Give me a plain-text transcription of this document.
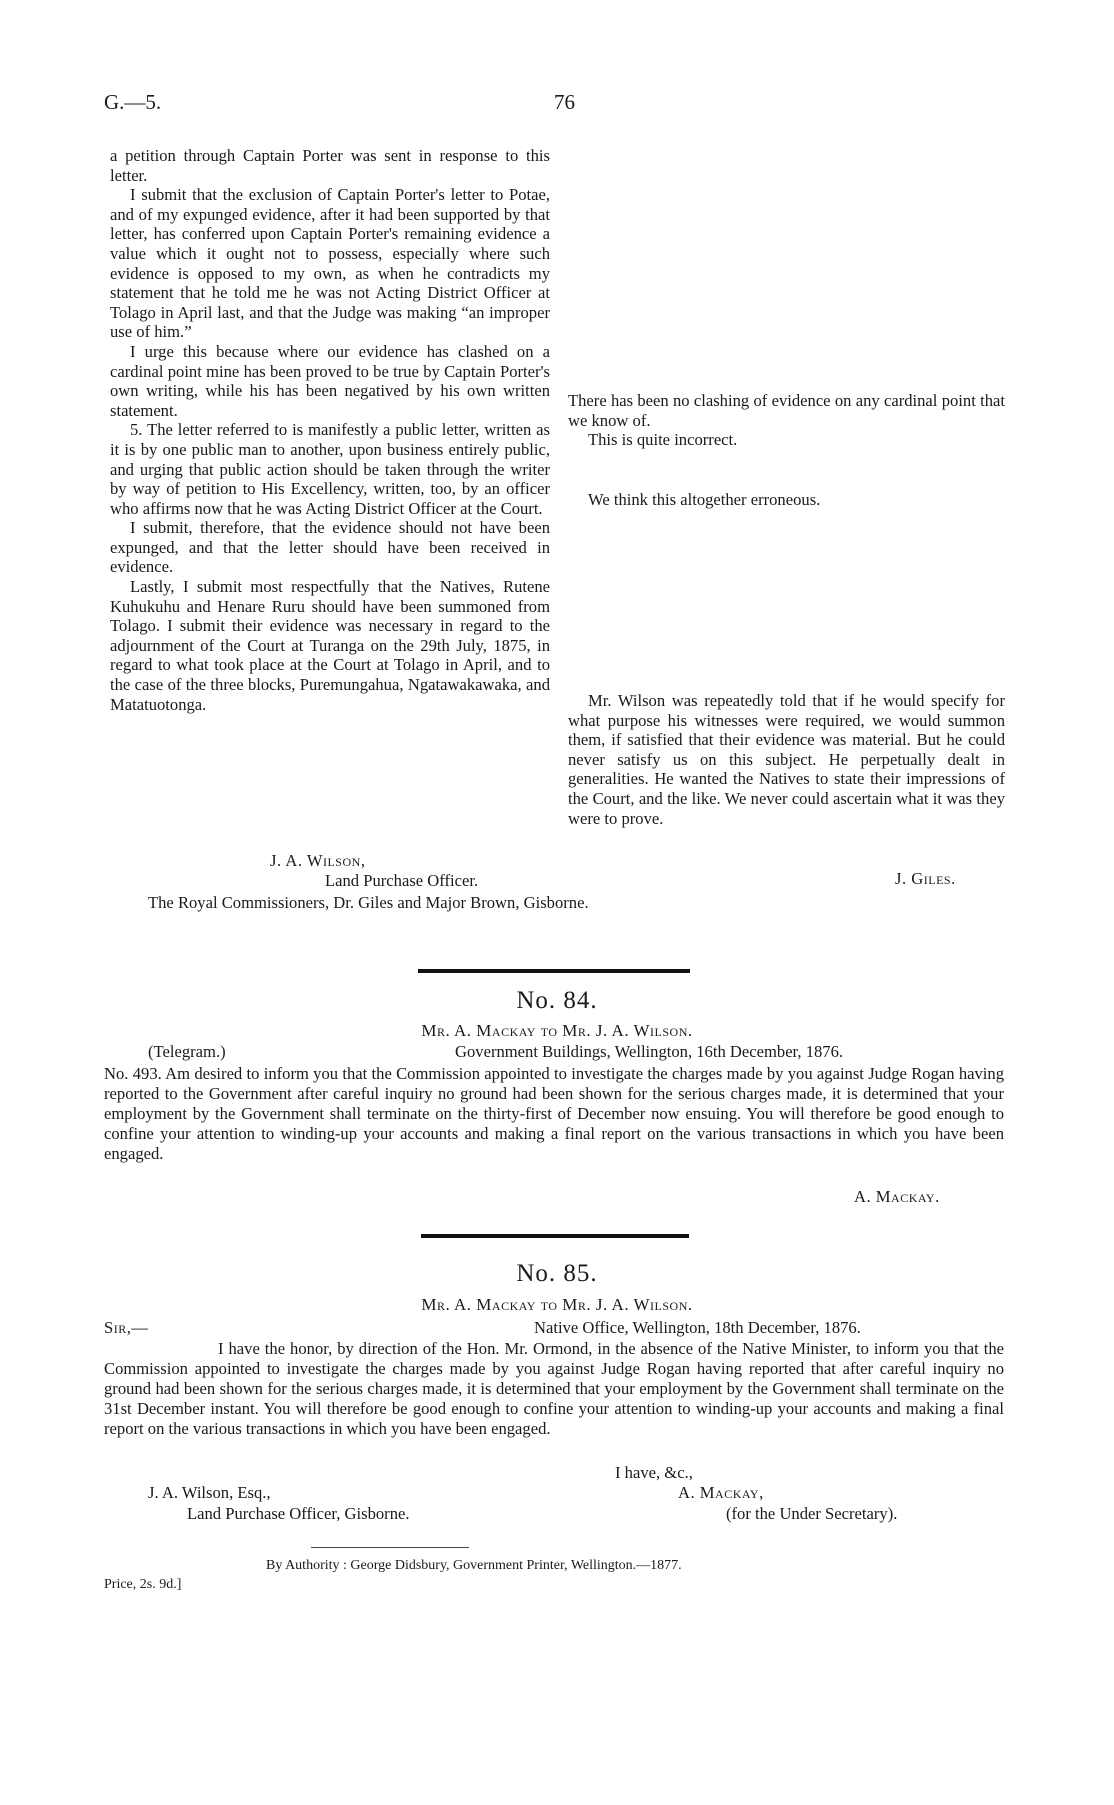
G.—5.	76

a petition through Captain Porter was sent in response to this letter.

I submit that the exclusion of Captain Porter's letter to Potae, and of my expunged evidence, after it had been supported by that letter, has conferred upon Captain Porter's remaining evidence a value which it ought not to possess, especially where such evidence is opposed to my own, as when he contradicts my statement that he told me he was not Acting District Officer at Tolago in April last, and that the Judge was making “an improper use of him.”

I urge this because where our evidence has clashed on a cardinal point mine has been proved to be true by Captain Porter's own writing, while his has been negatived by his own written statement.

5. The letter referred to is manifestly a public letter, written as it is by one public man to another, upon business entirely public, and urging that public action should be taken through the writer by way of petition to His Excellency, written, too, by an officer who affirms now that he was Acting District Officer at the Court.

I submit, therefore, that the evidence should not have been expunged, and that the letter should have been received in evidence.

Lastly, I submit most respectfully that the Natives, Rutene Kuhukuhu and Henare Ruru should have been summoned from Tolago. I submit their evidence was necessary in regard to the adjournment of the Court at Turanga on the 29th July, 1875, in regard to what took place at the Court at Tolago in April, and to the case of the three blocks, Puremungahua, Ngatawakawaka, and Matatuotonga.

J. A. Wilson,
Land Purchase Officer.
The Royal Commissioners, Dr. Giles and Major Brown, Gisborne.

There has been no clashing of evidence on any cardinal point that we know of.

This is quite incorrect.

We think this altogether erroneous.

Mr. Wilson was repeatedly told that if he would specify for what purpose his witnesses were required, we would summon them, if satisfied that their evidence was material. But he could never satisfy us on this subject. He perpetually dealt in generalities. He wanted the Natives to state their impressions of the Court, and the like. We never could ascertain what it was they were to prove.

J. Giles.
No. 84.
Mr. A. Mackay to Mr. J. A. Wilson.
(Telegram.)	Government Buildings, Wellington, 16th December, 1876.

No. 493. Am desired to inform you that the Commission appointed to investigate the charges made by you against Judge Rogan having reported to the Government after careful inquiry no ground had been shown for the serious charges made, it is determined that your employment by the Government shall terminate on the thirty-first of December now ensuing. You will therefore be good enough to confine your attention to winding-up your accounts and making a final report on the various transactions in which you have been engaged.

A. Mackay.
No. 85.
Mr. A. Mackay to Mr. J. A. Wilson.
Sir,—	Native Office, Wellington, 18th December, 1876.

I have the honor, by direction of the Hon. Mr. Ormond, in the absence of the Native Minister, to inform you that the Commission appointed to investigate the charges made by you against Judge Rogan having reported that after careful inquiry no ground had been shown for the serious charges made, it is determined that your employment by the Government shall terminate on the 31st December instant. You will therefore be good enough to confine your attention to winding-up your accounts and making a final report on the various transactions in which you have been engaged.

I have, &c.,
J. A. Wilson, Esq.,	A. Mackay,
Land Purchase Officer, Gisborne.	(for the Under Secretary).
By Authority : George Didsbury, Government Printer, Wellington.—1877.
Price, 2s. 9d.]
